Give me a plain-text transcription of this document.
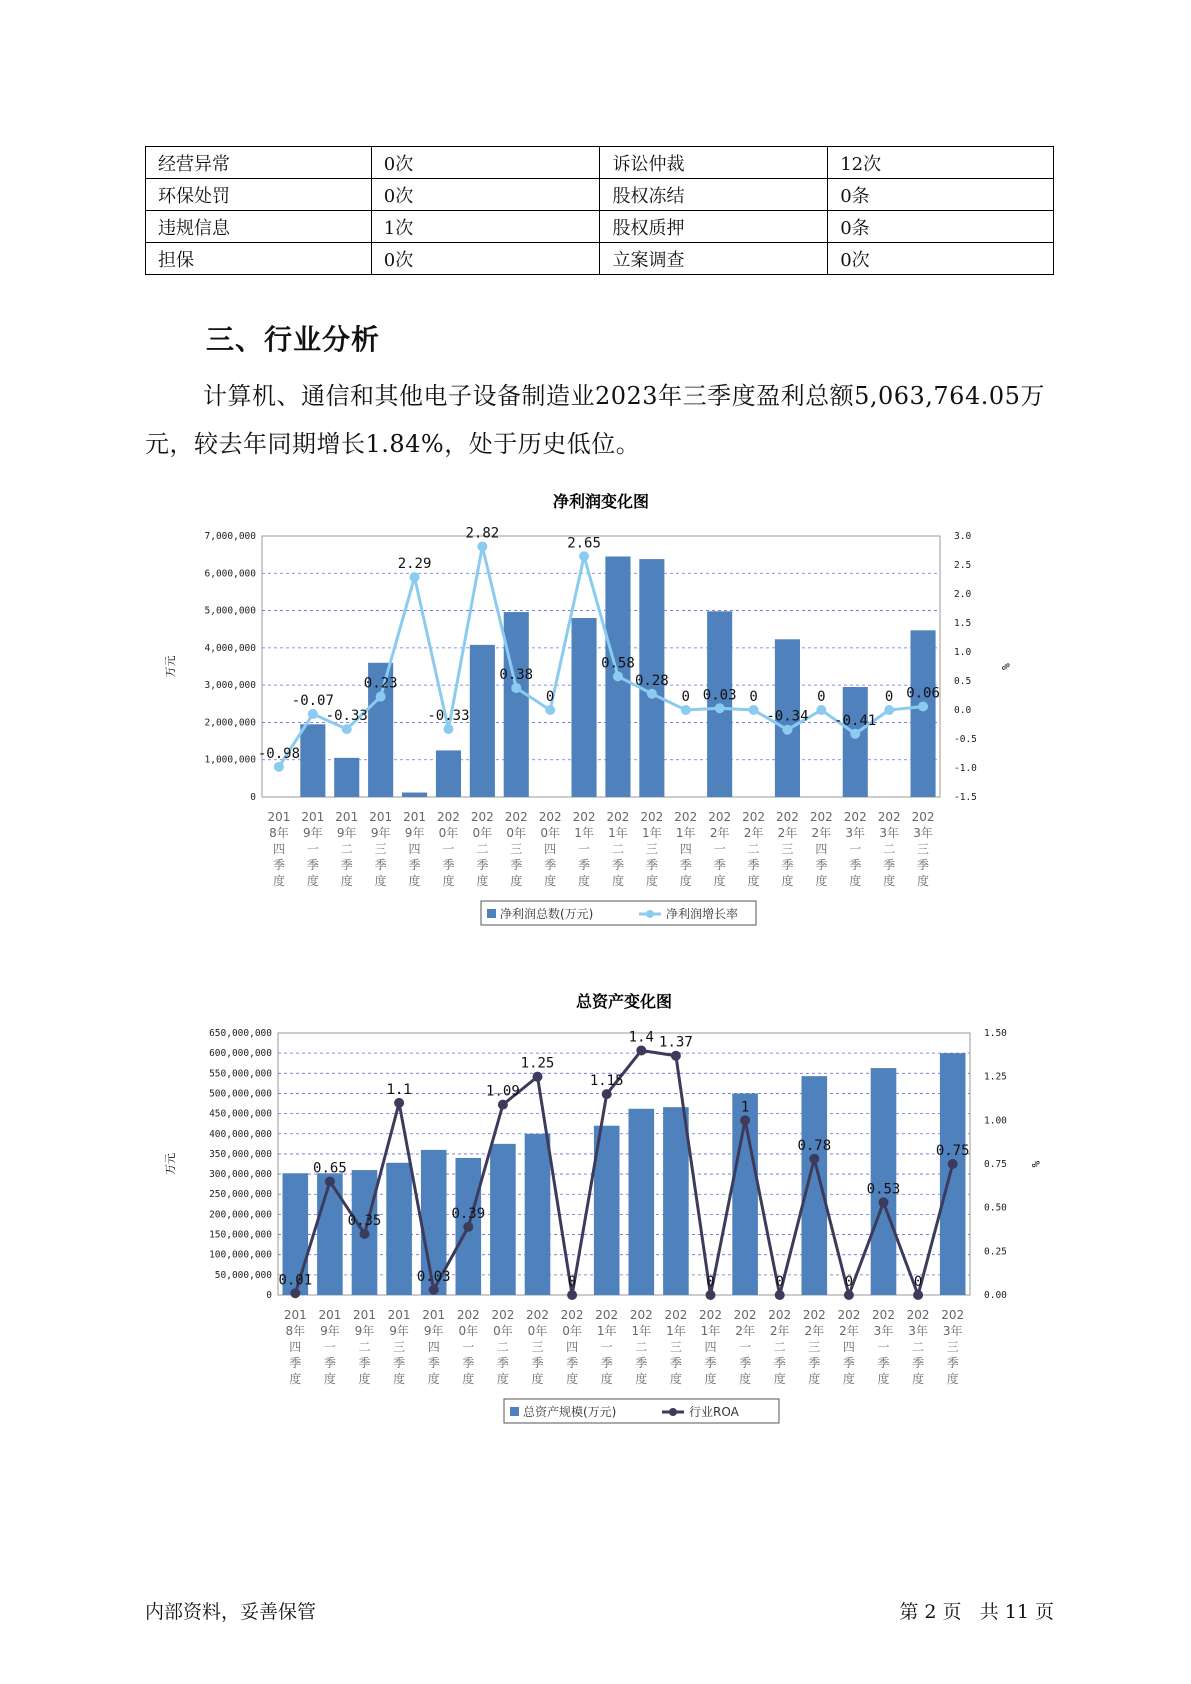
经营异常	0次	诉讼仲裁	12次
环保处罚	0次	股权冻结	0条
违规信息	1次	股权质押	0条
担保	0次	立案调查	0次
三、行业分析
计算机、通信和其他电子设备制造业2023年三季度盈利总额5,063,764.05万元，较去年同期增长1.84%，处于历史低位。
净利润变化图
0
1,000,000
2,000,000
3,000,000
4,000,000
5,000,000
6,000,000
7,000,000
-1.5
-1.0
-0.5
0.0
0.5
1.0
1.5
2.0
2.5
3.0
万元	%
-0.98
-0.07
-0.33
0.23
2.29
-0.33
2.82
0.38
0
2.65
0.58
0.28
0 0.03 0
-0.34
0
-0.41
0 0.06
201
8年
四
季
度
201
9年
一
季
度
201
9年
二
季
度
201
9年
三
季
度
201
9年
四
季
度
202
0年
一
季
度
202
0年
二
季
度
202
0年
三
季
度
202
0年
四
季
度
202
1年
一
季
度
202
1年
二
季
度
202
1年
三
季
度
202
1年
四
季
度
202
2年
一
季
度
202
2年
二
季
度
202
2年
三
季
度
202
2年
四
季
度
202
3年
一
季
度
202
3年
二
季
度
202
3年
三
季
度
净利润总数(万元)	净利润增长率
总资产变化图
0
50,000,000
100,000,000
150,000,000
200,000,000
250,000,000
300,000,000
350,000,000
400,000,000
450,000,000
500,000,000
550,000,000
600,000,000
650,000,000
0.00
0.25
0.50
0.75
1.00
1.25
1.50
万元	%
0.01
0.65
0.35
1.1
0.03
0.39
1.09
1.25
0
1.15
1.4 1.37
0
1
0
0.78
0
0.53
0
0.75
201
8年
四
季
度
201
9年
一
季
度
201
9年
二
季
度
201
9年
三
季
度
201
9年
四
季
度
202
0年
一
季
度
202
0年
二
季
度
202
0年
三
季
度
202
0年
四
季
度
202
1年
一
季
度
202
1年
二
季
度
202
1年
三
季
度
202
1年
四
季
度
202
2年
一
季
度
202
2年
二
季
度
202
2年
三
季
度
202
2年
四
季
度
202
3年
一
季
度
202
3年
二
季
度
202
3年
三
季
度
总资产规模(万元)	行业ROA
内部资料，妥善保管	第 2 页 共 11 页
